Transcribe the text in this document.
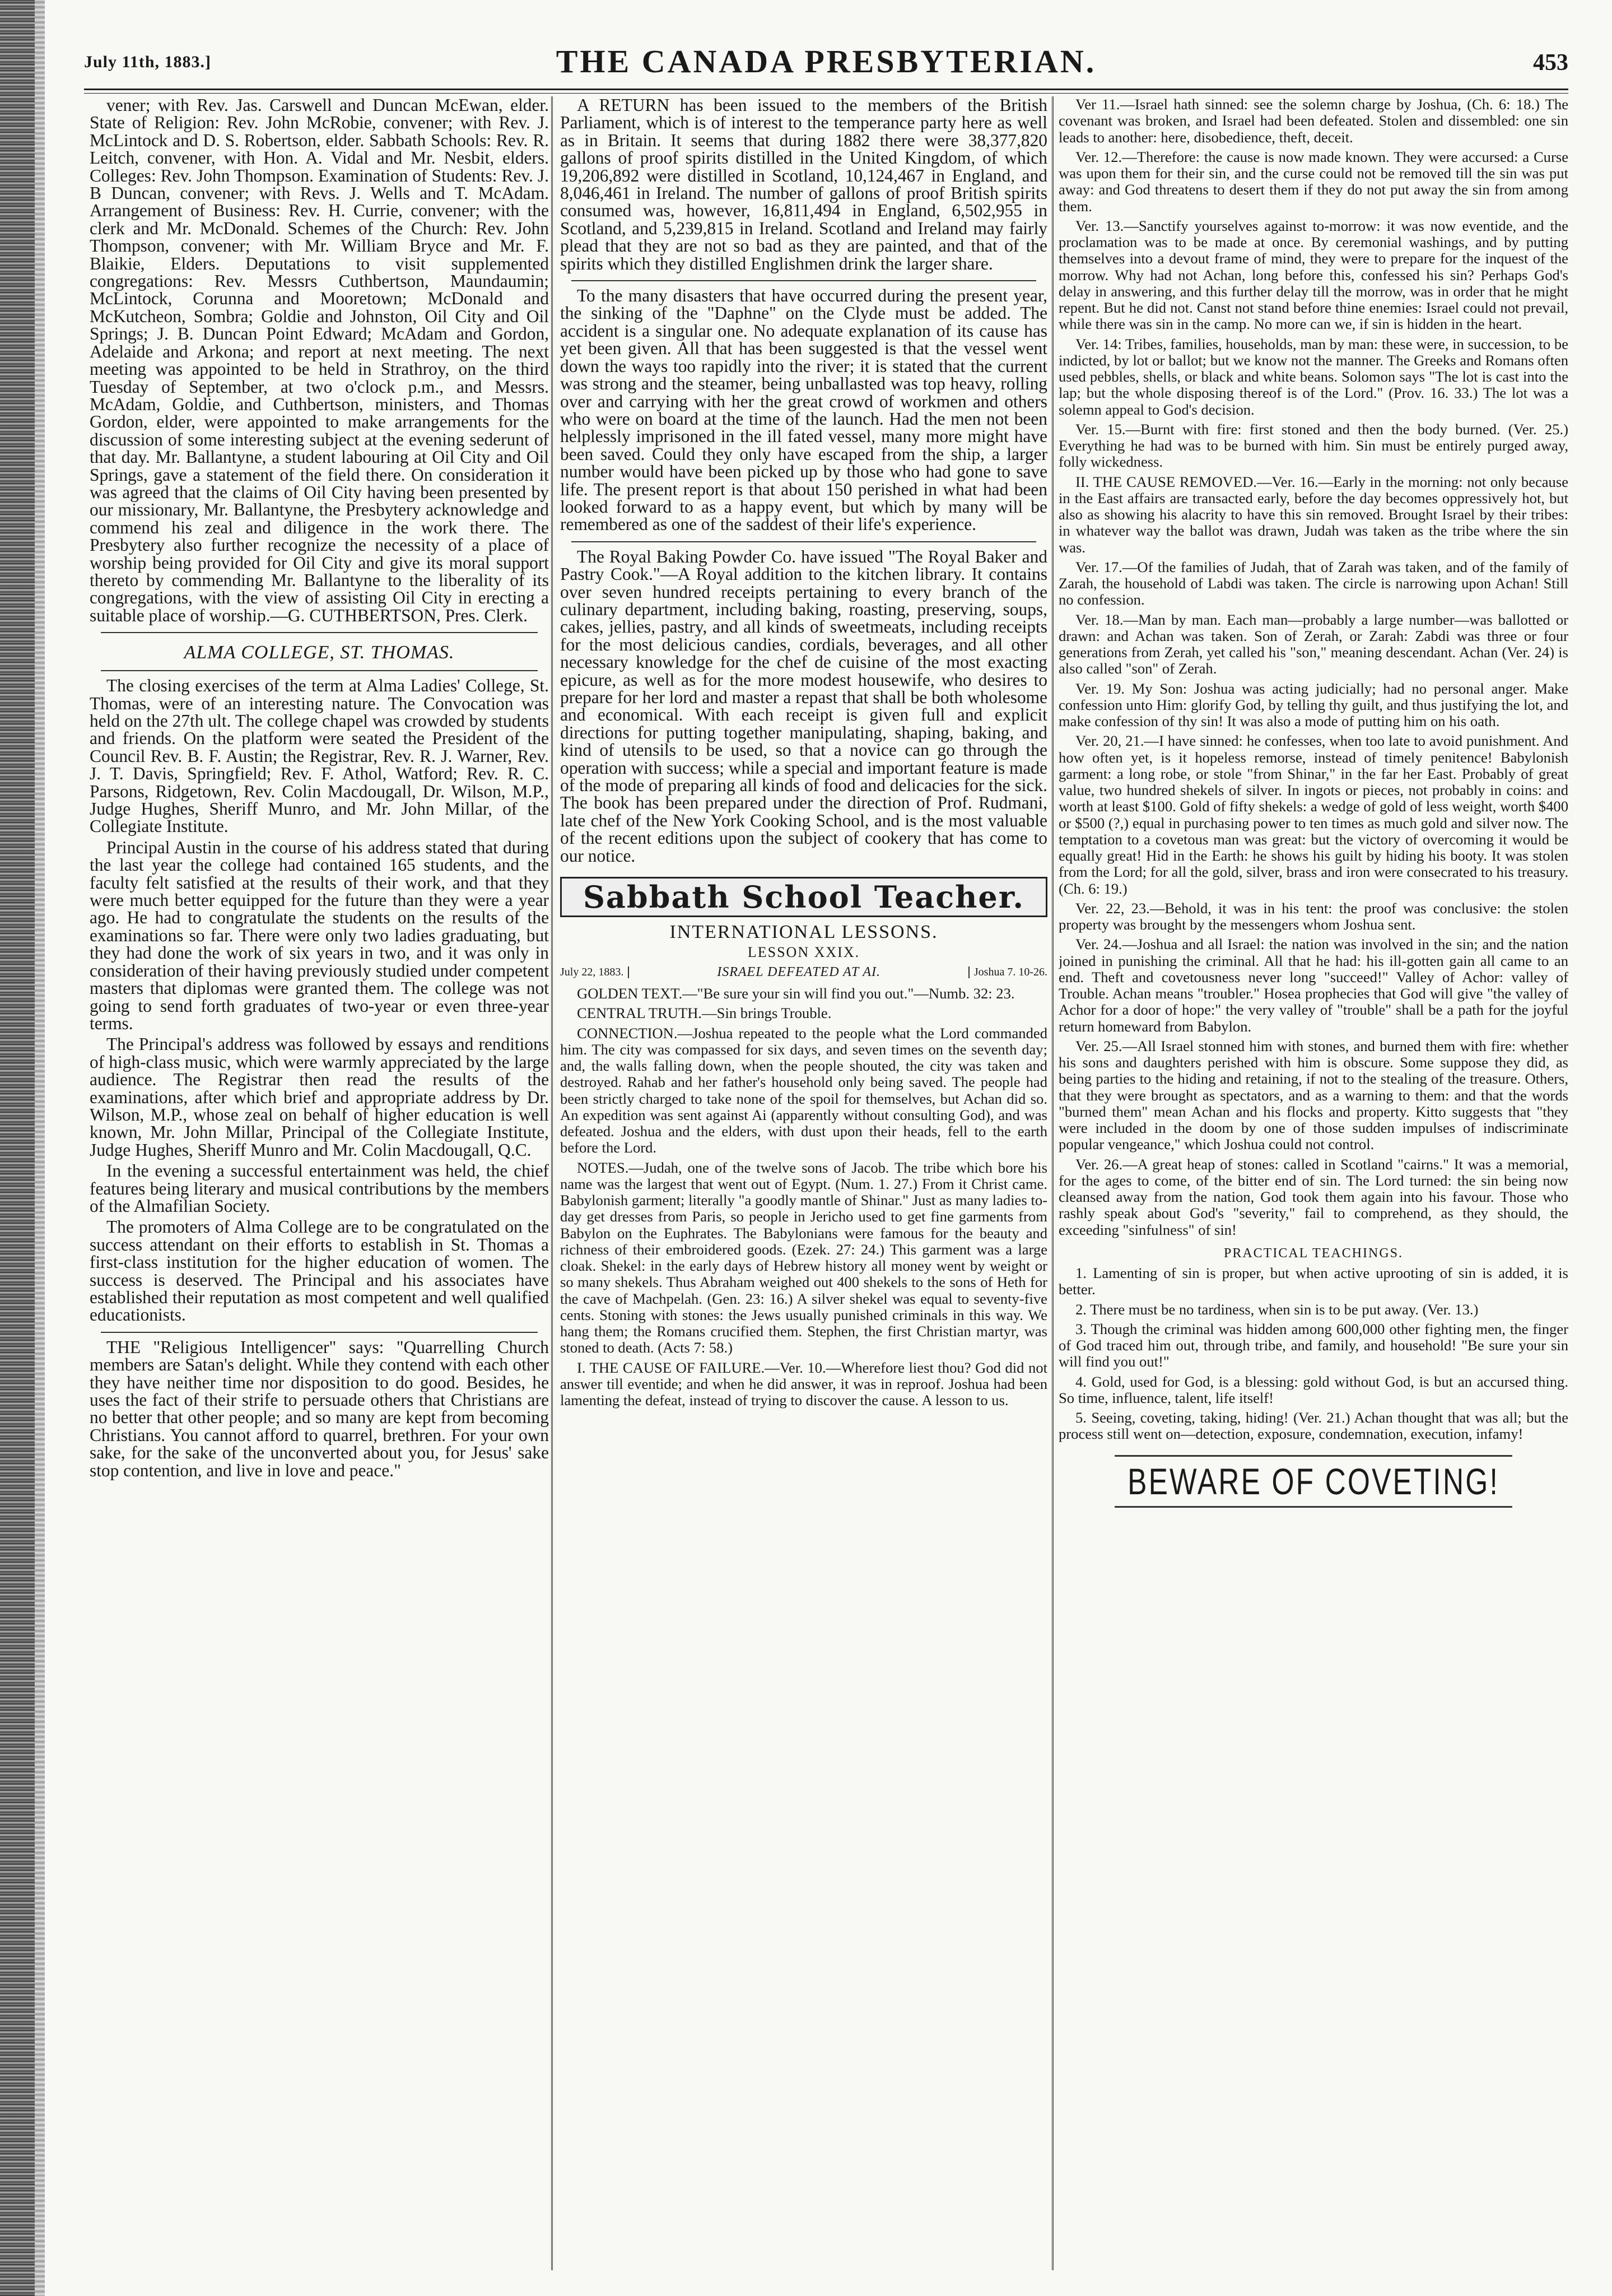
July 11th, 1883.]	THE CANADA PRESBYTERIAN.	453

vener; with Rev. Jas. Carswell and Duncan McEwan, elder. State of Religion: Rev. John McRobie, convener; with Rev. J. McLintock and D. S. Robertson, elder. Sabbath Schools: Rev. R. Leitch, convener, with Hon. A. Vidal and Mr. Nesbit, elders. Colleges: Rev. John Thompson. Examination of Students: Rev. J. B Duncan, convener; with Revs. J. Wells and T. McAdam. Arrangement of Business: Rev. H. Currie, convener; with the clerk and Mr. McDonald. Schemes of the Church: Rev. John Thompson, convener; with Mr. William Bryce and Mr. F. Blaikie, Elders. Deputations to visit supplemented congregations: Rev. Messrs Cuthbertson, Maundaumin; McLintock, Corunna and Mooretown; McDonald and McKutcheon, Sombra; Goldie and Johnston, Oil City and Oil Springs; J. B. Duncan Point Edward; McAdam and Gordon, Adelaide and Arkona; and report at next meeting. The next meeting was appointed to be held in Strathroy, on the third Tuesday of September, at two o'clock p.m., and Messrs. McAdam, Goldie, and Cuthbertson, ministers, and Thomas Gordon, elder, were appointed to make arrangements for the discussion of some interesting subject at the evening sederunt of that day. Mr. Ballantyne, a student labouring at Oil City and Oil Springs, gave a statement of the field there. On consideration it was agreed that the claims of Oil City having been presented by our missionary, Mr. Ballantyne, the Presbytery acknowledge and commend his zeal and diligence in the work there. The Presbytery also further recognize the necessity of a place of worship being provided for Oil City and give its moral support thereto by commending Mr. Ballantyne to the liberality of its congregations, with the view of assisting Oil City in erecting a suitable place of worship.—G. CUTHBERTSON, Pres. Clerk.

ALMA COLLEGE, ST. THOMAS.

The closing exercises of the term at Alma Ladies' College, St. Thomas, were of an interesting nature. The Convocation was held on the 27th ult. The college chapel was crowded by students and friends. On the platform were seated the President of the Council Rev. B. F. Austin; the Registrar, Rev. R. J. Warner, Rev. J. T. Davis, Springfield; Rev. F. Athol, Watford; Rev. R. C. Parsons, Ridgetown, Rev. Colin Macdougall, Dr. Wilson, M.P., Judge Hughes, Sheriff Munro, and Mr. John Millar, of the Collegiate Institute.

Principal Austin in the course of his address stated that during the last year the college had contained 165 students, and the faculty felt satisfied at the results of their work, and that they were much better equipped for the future than they were a year ago. He had to congratulate the students on the results of the examinations so far. There were only two ladies graduating, but they had done the work of six years in two, and it was only in consideration of their having previously studied under competent masters that diplomas were granted them. The college was not going to send forth graduates of two-year or even three-year terms.

The Principal's address was followed by essays and renditions of high-class music, which were warmly appreciated by the large audience. The Registrar then read the results of the examinations, after which brief and appropriate address by Dr. Wilson, M.P., whose zeal on behalf of higher education is well known, Mr. John Millar, Principal of the Collegiate Institute, Judge Hughes, Sheriff Munro and Mr. Colin Macdougall, Q.C.

In the evening a successful entertainment was held, the chief features being literary and musical contributions by the members of the Almafilian Society.

The promoters of Alma College are to be congratulated on the success attendant on their efforts to establish in St. Thomas a first-class institution for the higher education of women. The success is deserved. The Principal and his associates have established their reputation as most competent and well qualified educationists.

THE "Religious Intelligencer" says: "Quarrelling Church members are Satan's delight. While they contend with each other they have neither time nor disposition to do good. Besides, he uses the fact of their strife to persuade others that Christians are no better that other people; and so many are kept from becoming Christians. You cannot afford to quarrel, brethren. For your own sake, for the sake of the unconverted about you, for Jesus' sake stop contention, and live in love and peace."

A RETURN has been issued to the members of the British Parliament, which is of interest to the temperance party here as well as in Britain. It seems that during 1882 there were 38,377,820 gallons of proof spirits distilled in the United Kingdom, of which 19,206,892 were distilled in Scotland, 10,124,467 in England, and 8,046,461 in Ireland. The number of gallons of proof British spirits consumed was, however, 16,811,494 in England, 6,502,955 in Scotland, and 5,239,815 in Ireland. Scotland and Ireland may fairly plead that they are not so bad as they are painted, and that of the spirits which they distilled Englishmen drink the larger share.

To the many disasters that have occurred during the present year, the sinking of the "Daphne" on the Clyde must be added. The accident is a singular one. No adequate explanation of its cause has yet been given. All that has been suggested is that the vessel went down the ways too rapidly into the river; it is stated that the current was strong and the steamer, being unballasted was top heavy, rolling over and carrying with her the great crowd of workmen and others who were on board at the time of the launch. Had the men not been helplessly imprisoned in the ill fated vessel, many more might have been saved. Could they only have escaped from the ship, a larger number would have been picked up by those who had gone to save life. The present report is that about 150 perished in what had been looked forward to as a happy event, but which by many will be remembered as one of the saddest of their life's experience.

The Royal Baking Powder Co. have issued "The Royal Baker and Pastry Cook."—A Royal addition to the kitchen library. It contains over seven hundred receipts pertaining to every branch of the culinary department, including baking, roasting, preserving, soups, cakes, jellies, pastry, and all kinds of sweetmeats, including receipts for the most delicious candies, cordials, beverages, and all other necessary knowledge for the chef de cuisine of the most exacting epicure, as well as for the more modest housewife, who desires to prepare for her lord and master a repast that shall be both wholesome and economical. With each receipt is given full and explicit directions for putting together manipulating, shaping, baking, and kind of utensils to be used, so that a novice can go through the operation with success; while a special and important feature is made of the mode of preparing all kinds of food and delicacies for the sick. The book has been prepared under the direction of Prof. Rudmani, late chef of the New York Cooking School, and is the most valuable of the recent editions upon the subject of cookery that has come to our notice.

Sabbath School Teacher.
INTERNATIONAL LESSONS.
LESSON XXIX.
July 22, 1883.	ISRAEL DEFEATED AT AI.	Joshua 7. 10-26.

GOLDEN TEXT.—"Be sure your sin will find you out."—Numb. 32: 23.

CENTRAL TRUTH.—Sin brings Trouble.

CONNECTION.—Joshua repeated to the people what the Lord commanded him. The city was compassed for six days, and seven times on the seventh day; and, the walls falling down, when the people shouted, the city was taken and destroyed. Rahab and her father's household only being saved. The people had been strictly charged to take none of the spoil for themselves, but Achan did so. An expedition was sent against Ai (apparently without consulting God), and was defeated. Joshua and the elders, with dust upon their heads, fell to the earth before the Lord.

NOTES.—Judah, one of the twelve sons of Jacob. The tribe which bore his name was the largest that went out of Egypt. (Num. 1. 27.) From it Christ came. Babylonish garment; literally "a goodly mantle of Shinar." Just as many ladies to-day get dresses from Paris, so people in Jericho used to get fine garments from Babylon on the Euphrates. The Babylonians were famous for the beauty and richness of their embroidered goods. (Ezek. 27: 24.) This garment was a large cloak. Shekel: in the early days of Hebrew history all money went by weight or so many shekels. Thus Abraham weighed out 400 shekels to the sons of Heth for the cave of Machpelah. (Gen. 23: 16.) A silver shekel was equal to seventy-five cents. Stoning with stones: the Jews usually punished criminals in this way. We hang them; the Romans crucified them. Stephen, the first Christian martyr, was stoned to death. (Acts 7: 58.)

I. THE CAUSE OF FAILURE.—Ver. 10.—Wherefore liest thou? God did not answer till eventide; and when he did answer, it was in reproof. Joshua had been lamenting the defeat, instead of trying to discover the cause. A lesson to us.

Ver 11.—Israel hath sinned: see the solemn charge by Joshua, (Ch. 6: 18.) The covenant was broken, and Israel had been defeated. Stolen and dissembled: one sin leads to another: here, disobedience, theft, deceit.

Ver. 12.—Therefore: the cause is now made known. They were accursed: a Curse was upon them for their sin, and the curse could not be removed till the sin was put away: and God threatens to desert them if they do not put away the sin from among them.

Ver. 13.—Sanctify yourselves against to-morrow: it was now eventide, and the proclamation was to be made at once. By ceremonial washings, and by putting themselves into a devout frame of mind, they were to prepare for the inquest of the morrow. Why had not Achan, long before this, confessed his sin? Perhaps God's delay in answering, and this further delay till the morrow, was in order that he might repent. But he did not. Canst not stand before thine enemies: Israel could not prevail, while there was sin in the camp. No more can we, if sin is hidden in the heart.

Ver. 14: Tribes, families, households, man by man: these were, in succession, to be indicted, by lot or ballot; but we know not the manner. The Greeks and Romans often used pebbles, shells, or black and white beans. Solomon says "The lot is cast into the lap; but the whole disposing thereof is of the Lord." (Prov. 16. 33.) The lot was a solemn appeal to God's decision.

Ver. 15.—Burnt with fire: first stoned and then the body burned. (Ver. 25.) Everything he had was to be burned with him. Sin must be entirely purged away, folly wickedness.

II. THE CAUSE REMOVED.—Ver. 16.—Early in the morning: not only because in the East affairs are transacted early, before the day becomes oppressively hot, but also as showing his alacrity to have this sin removed. Brought Israel by their tribes: in whatever way the ballot was drawn, Judah was taken as the tribe where the sin was.

Ver. 17.—Of the families of Judah, that of Zarah was taken, and of the family of Zarah, the household of Labdi was taken. The circle is narrowing upon Achan! Still no confession.

Ver. 18.—Man by man. Each man—probably a large number—was ballotted or drawn: and Achan was taken. Son of Zerah, or Zarah: Zabdi was three or four generations from Zerah, yet called his "son," meaning descendant. Achan (Ver. 24) is also called "son" of Zerah.

Ver. 19. My Son: Joshua was acting judicially; had no personal anger. Make confession unto Him: glorify God, by telling thy guilt, and thus justifying the lot, and make confession of thy sin! It was also a mode of putting him on his oath.

Ver. 20, 21.—I have sinned: he confesses, when too late to avoid punishment. And how often yet, is it hopeless remorse, instead of timely penitence! Babylonish garment: a long robe, or stole "from Shinar," in the far her East. Probably of great value, two hundred shekels of silver. In ingots or pieces, not probably in coins: and worth at least $100. Gold of fifty shekels: a wedge of gold of less weight, worth $400 or $500 (?,) equal in purchasing power to ten times as much gold and silver now. The temptation to a covetous man was great: but the victory of overcoming it would be equally great! Hid in the Earth: he shows his guilt by hiding his booty. It was stolen from the Lord; for all the gold, silver, brass and iron were consecrated to his treasury. (Ch. 6: 19.)

Ver. 22, 23.—Behold, it was in his tent: the proof was conclusive: the stolen property was brought by the messengers whom Joshua sent.

Ver. 24.—Joshua and all Israel: the nation was involved in the sin; and the nation joined in punishing the criminal. All that he had: his ill-gotten gain all came to an end. Theft and covetousness never long "succeed!" Valley of Achor: valley of Trouble. Achan means "troubler." Hosea prophecies that God will give "the valley of Achor for a door of hope:" the very valley of "trouble" shall be a path for the joyful return homeward from Babylon.

Ver. 25.—All Israel stonned him with stones, and burned them with fire: whether his sons and daughters perished with him is obscure. Some suppose they did, as being parties to the hiding and retaining, if not to the stealing of the treasure. Others, that they were brought as spectators, and as a warning to them: and that the words "burned them" mean Achan and his flocks and property. Kitto suggests that "they were included in the doom by one of those sudden impulses of indiscriminate popular vengeance," which Joshua could not control.

Ver. 26.—A great heap of stones: called in Scotland "cairns." It was a memorial, for the ages to come, of the bitter end of sin. The Lord turned: the sin being now cleansed away from the nation, God took them again into his favour. Those who rashly speak about God's "severity," fail to comprehend, as they should, the exceeding "sinfulness" of sin!

PRACTICAL TEACHINGS.

1. Lamenting of sin is proper, but when active uprooting of sin is added, it is better.

2. There must be no tardiness, when sin is to be put away. (Ver. 13.)

3. Though the criminal was hidden among 600,000 other fighting men, the finger of God traced him out, through tribe, and family, and household! "Be sure your sin will find you out!"

4. Gold, used for God, is a blessing: gold without God, is but an accursed thing. So time, influence, talent, life itself!

5. Seeing, coveting, taking, hiding! (Ver. 21.) Achan thought that was all; but the process still went on—detection, exposure, condemnation, execution, infamy!

BEWARE OF COVETING!
